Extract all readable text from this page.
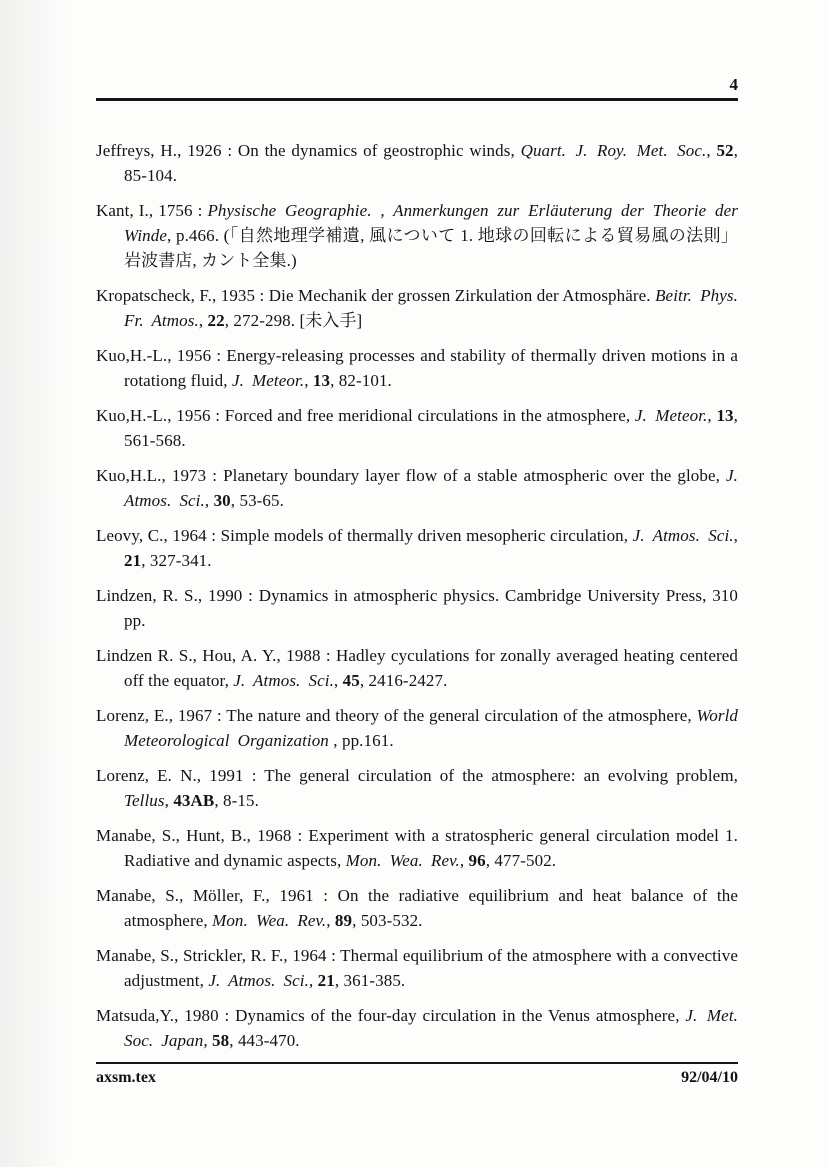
4

Jeffreys, H., 1926 : On the dynamics of geostrophic winds, Quart. J. Roy. Met. Soc., 52, 85-104.

Kant, I., 1756 : Physische Geographie. , Anmerkungen zur Erläuterung der Theorie der Winde, p.466. (「自然地理学補遺, 風について 1. 地球の回転による貿易風の法則」岩波書店, カント全集.)

Kropatscheck, F., 1935 : Die Mechanik der grossen Zirkulation der Atmosphäre. Beitr. Phys. Fr. Atmos., 22, 272-298. [未入手]

Kuo,H.-L., 1956 : Energy-releasing processes and stability of thermally driven motions in a rotationg fluid, J. Meteor., 13, 82-101.

Kuo,H.-L., 1956 : Forced and free meridional circulations in the atmosphere, J. Meteor., 13, 561-568.

Kuo,H.L., 1973 : Planetary boundary layer flow of a stable atmospheric over the globe, J. Atmos. Sci., 30, 53-65.

Leovy, C., 1964 : Simple models of thermally driven mesopheric circulation, J. Atmos. Sci., 21, 327-341.

Lindzen, R. S., 1990 : Dynamics in atmospheric physics. Cambridge University Press, 310 pp.

Lindzen R. S., Hou, A. Y., 1988 : Hadley cyculations for zonally averaged heating centered off the equator, J. Atmos. Sci., 45, 2416-2427.

Lorenz, E., 1967 : The nature and theory of the general circulation of the atmosphere, World Meteorological Organization , pp.161.

Lorenz, E. N., 1991 : The general circulation of the atmosphere: an evolving problem, Tellus, 43AB, 8-15.

Manabe, S., Hunt, B., 1968 : Experiment with a stratospheric general circulation model 1. Radiative and dynamic aspects, Mon. Wea. Rev., 96, 477-502.

Manabe, S., Möller, F., 1961 : On the radiative equilibrium and heat balance of the atmosphere, Mon. Wea. Rev., 89, 503-532.

Manabe, S., Strickler, R. F., 1964 : Thermal equilibrium of the atmosphere with a convective adjustment, J. Atmos. Sci., 21, 361-385.

Matsuda,Y., 1980 : Dynamics of the four-day circulation in the Venus atmosphere, J. Met. Soc. Japan, 58, 443-470.

axsm.tex	92/04/10
